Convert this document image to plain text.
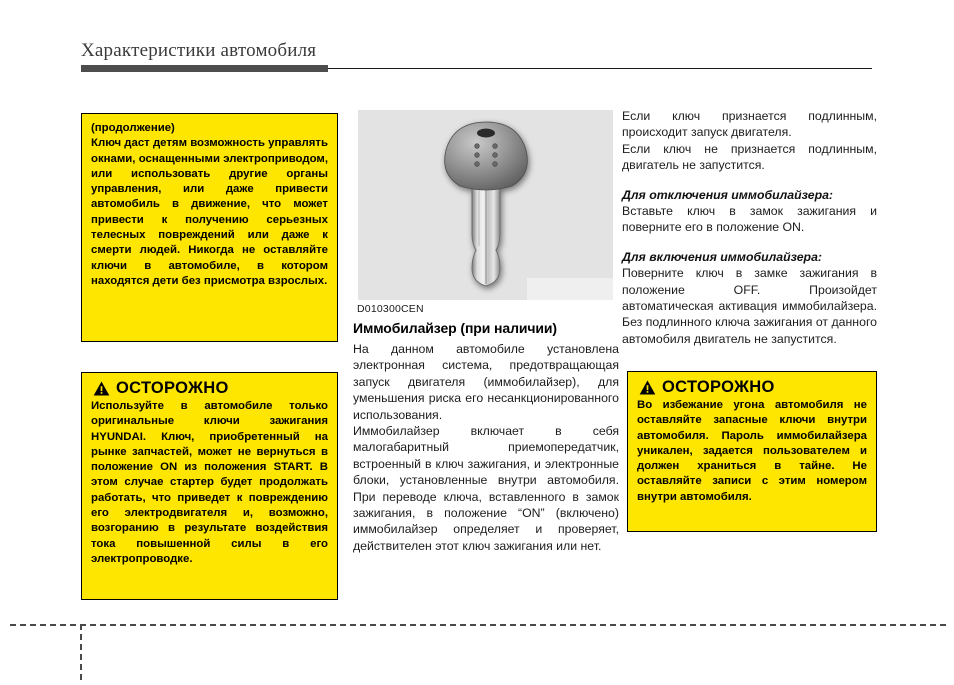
Характеристики автомобиля

(продолжение)

Ключ даст детям возможность управлять окнами, оснащенными электроприводом, или использовать другие органы управления, или даже привести автомобиль в движение, что может привести к получению серьезных телесных повреждений или даже к смерти людей. Никогда не оставляйте ключи в автомобиле, в котором находятся дети без присмотра взрослых.

ОСТОРОЖНО

Используйте в автомобиле только оригинальные ключи зажигания HYUNDAI. Ключ, приобретенный на рынке запчастей, может не вернуться в положение ON из положения START. В этом случае стартер будет продолжать работать, что приведет к повреждению его электродвигателя и, возможно, возгоранию в результате воздействия тока повышенной силы в его электропроводке.

D010300CEN
Иммобилайзер (при наличии)

На данном автомобиле установлена электронная система, предотвращающая запуск двигателя (иммобилайзер), для уменьшения риска его несанкционированного использования.

Иммобилайзер включает в себя малогабаритный приемопередатчик, встроенный в ключ зажигания, и электронные блоки, установленные внутри автомобиля. При переводе ключа, вставленного в замок зажигания, в положение “ON” (включено) иммобилайзер определяет и проверяет, действителен этот ключ зажигания или нет.

Если ключ признается подлинным, происходит запуск двигателя.

Если ключ не признается подлинным, двигатель не запустится.

Для отключения иммобилайзера:

Вставьте ключ в замок зажигания и поверните его в положение ON.

Для включения иммобилайзера:

Поверните ключ в замке зажигания в положение OFF. Произойдет автоматическая активация иммобилайзера. Без подлинного ключа зажигания от данного автомобиля двигатель не запустится.

ОСТОРОЖНО

Во избежание угона автомобиля не оставляйте запасные ключи внутри автомобиля. Пароль иммобилайзера уникален, задается пользователем и должен храниться в тайне. Не оставляйте записи с этим номером внутри автомобиля.
